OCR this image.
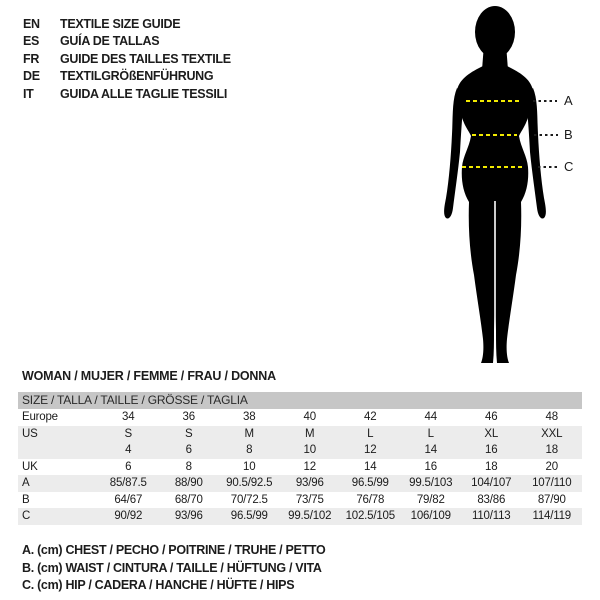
EN	TEXTILE SIZE GUIDE
ES	GUÍA DE TALLAS
FR	GUIDE DES TAILLES TEXTILE
DE	TEXTILGRÖßENFÜHRUNG
IT	GUIDA ALLE TAGLIE TESSILI	A
B
C
WOMAN / MUJER / FEMME / FRAU / DONNA
SIZE / TALLA / TAILLE / GRÖSSE / TAGLIA
Europe	34	36	38	40	42	44	46	48
US	S	S	M	M	L	L	XL	XXL
4	6	8	10	12	14	16	18
UK	6	8	10	12	14	16	18	20
A	85/87.5	88/90	90.5/92.5	93/96	96.5/99	99.5/103	104/107	107/110
B	64/67	68/70	70/72.5	73/75	76/78	79/82	83/86	87/90
C	90/92	93/96	96.5/99	99.5/102	102.5/105	106/109	110/113	114/119
A. (cm) CHEST / PECHO / POITRINE / TRUHE / PETTO
B. (cm) WAIST / CINTURA / TAILLE / HÜFTUNG / VITA
C. (cm) HIP / CADERA / HANCHE / HÜFTE / HIPS
